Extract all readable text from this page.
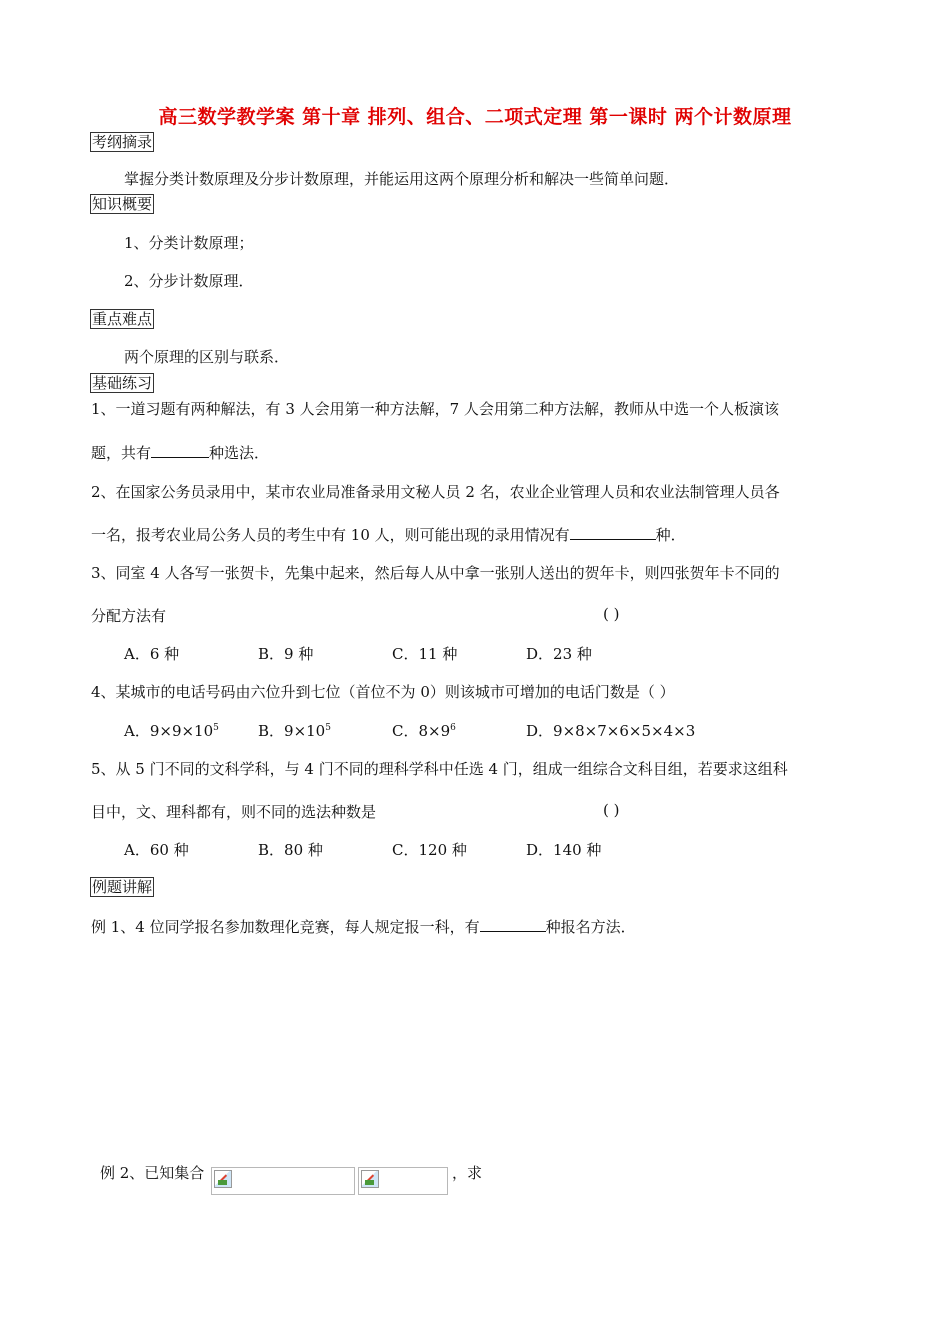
高三数学教学案 第十章 排列、组合、二项式定理 第一课时 两个计数原理
考纲摘录
掌握分类计数原理及分步计数原理，并能运用这两个原理分析和解决一些简单问题．
知识概要
1、分类计数原理；
2、分步计数原理．
重点难点
两个原理的区别与联系．
基础练习
1、一道习题有两种解法，有 3 人会用第一种方法解，7 人会用第二种方法解，教师从中选一个人板演该
题，共有	种选法．
2、在国家公务员录用中，某市农业局准备录用文秘人员 2 名，农业企业管理人员和农业法制管理人员各
一名，报考农业局公务人员的考生中有 10 人，则可能出现的录用情况有	种．
3、同室 4 人各写一张贺卡，先集中起来，然后每人从中拿一张别人送出的贺年卡，则四张贺年卡不同的
分配方法有	( )
A．6 种	B．9 种	C．11 种	D．23 种
4、某城市的电话号码由六位升到七位（首位不为 0）则该城市可增加的电话门数是（ ）
A．$9\times 9\times 10^5$	B．$9\times 10^5$	C．$8\times 9^6$	D．9×8×7×6×5×4×3
5、从 5 门不同的文科学科，与 4 门不同的理科学科中任选 4 门，组成一组综合文科目组，若要求这组科
目中，文、理科都有，则不同的选法种数是	( )
A．60 种	B．80 种	C．120 种	D．140 种
例题讲解
例 1、4 位同学报名参加数理化竞赛，每人规定报一科，有	种报名方法．
例 2、已知集合	，求
